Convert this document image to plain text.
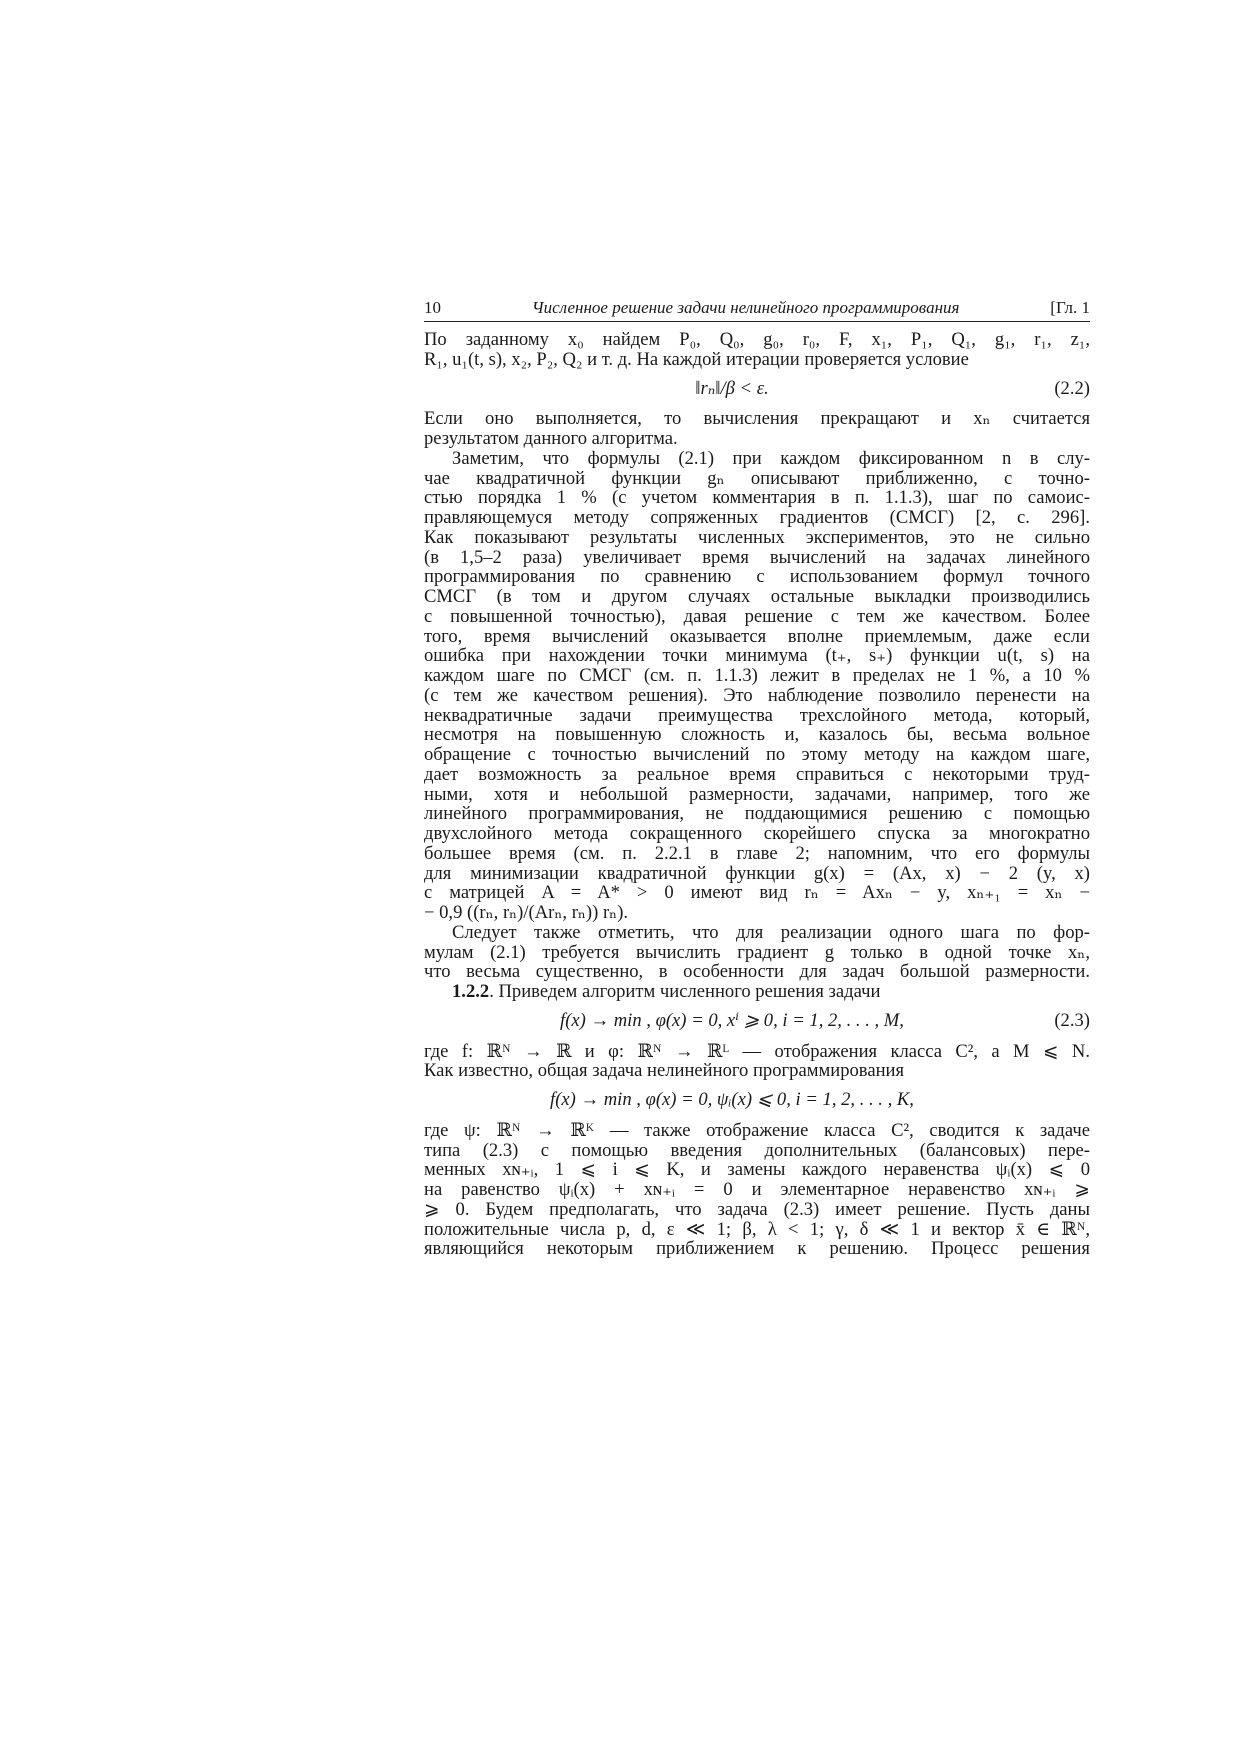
10	Численное решение задачи нелинейного программирования	[Гл. 1
По заданному x₀ найдем P₀, Q₀, g₀, r₀, F, x₁, P₁, Q₁, g₁, r₁, z₁,
R₁, u₁(t, s), x₂, P₂, Q₂ и т. д. На каждой итерации проверяется условие
‖rₙ‖/β < ε.	(2.2)
Если оно выполняется, то вычисления прекращают и xₙ считается
результатом данного алгоритма.
Заметим, что формулы (2.1) при каждом фиксированном n в слу-
чае квадратичной функции gₙ описывают приближенно, с точно-
стью порядка 1 % (с учетом комментария в п. 1.1.3), шаг по самоис-
правляющемуся методу сопряженных градиентов (СМСГ) [2, с. 296].
Как показывают результаты численных экспериментов, это не сильно
(в 1,5–2 раза) увеличивает время вычислений на задачах линейного
программирования по сравнению с использованием формул точного
СМСГ (в том и другом случаях остальные выкладки производились
с повышенной точностью), давая решение с тем же качеством. Более
того, время вычислений оказывается вполне приемлемым, даже если
ошибка при нахождении точки минимума (t₊, s₊) функции u(t, s) на
каждом шаге по СМСГ (см. п. 1.1.3) лежит в пределах не 1 %, а 10 %
(с тем же качеством решения). Это наблюдение позволило перенести на
неквадратичные задачи преимущества трехслойного метода, который,
несмотря на повышенную сложность и, казалось бы, весьма вольное
обращение с точностью вычислений по этому методу на каждом шаге,
дает возможность за реальное время справиться с некоторыми труд-
ными, хотя и небольшой размерности, задачами, например, того же
линейного программирования, не поддающимися решению с помощью
двухслойного метода сокращенного скорейшего спуска за многократно
большее время (см. п. 2.2.1 в главе 2; напомним, что его формулы
для минимизации квадратичной функции g(x) = (Ax, x) − 2 (y, x)
с матрицей A = A* > 0 имеют вид rₙ = Axₙ − y, xₙ₊₁ = xₙ −
− 0,9 ((rₙ, rₙ)/(Arₙ, rₙ)) rₙ).
Следует также отметить, что для реализации одного шага по фор-
мулам (2.1) требуется вычислить градиент g только в одной точке xₙ,
что весьма существенно, в особенности для задач большой размерности.
1.2.2. Приведем алгоритм численного решения задачи
f(x) → min , φ(x) = 0, xⁱ ⩾ 0, i = 1, 2, . . . , M,	(2.3)
где f: ℝᴺ → ℝ и φ: ℝᴺ → ℝᴸ — отображения класса C², а M ⩽ N.
Как известно, общая задача нелинейного программирования
f(x) → min , φ(x) = 0, ψᵢ(x) ⩽ 0, i = 1, 2, . . . , K,
где ψ: ℝᴺ → ℝᴷ — также отображение класса C², сводится к задаче
типа (2.3) с помощью введения дополнительных (балансовых) пере-
менных xɴ₊ᵢ, 1 ⩽ i ⩽ K, и замены каждого неравенства ψᵢ(x) ⩽ 0
на равенство ψᵢ(x) + xɴ₊ᵢ = 0 и элементарное неравенство xɴ₊ᵢ ⩾
⩾ 0. Будем предполагать, что задача (2.3) имеет решение. Пусть даны
положительные числа p, d, ε ≪ 1; β, λ < 1; γ, δ ≪ 1 и вектор x̄ ∈ ℝᴺ,
являющийся некоторым приближением к решению. Процесс решения
